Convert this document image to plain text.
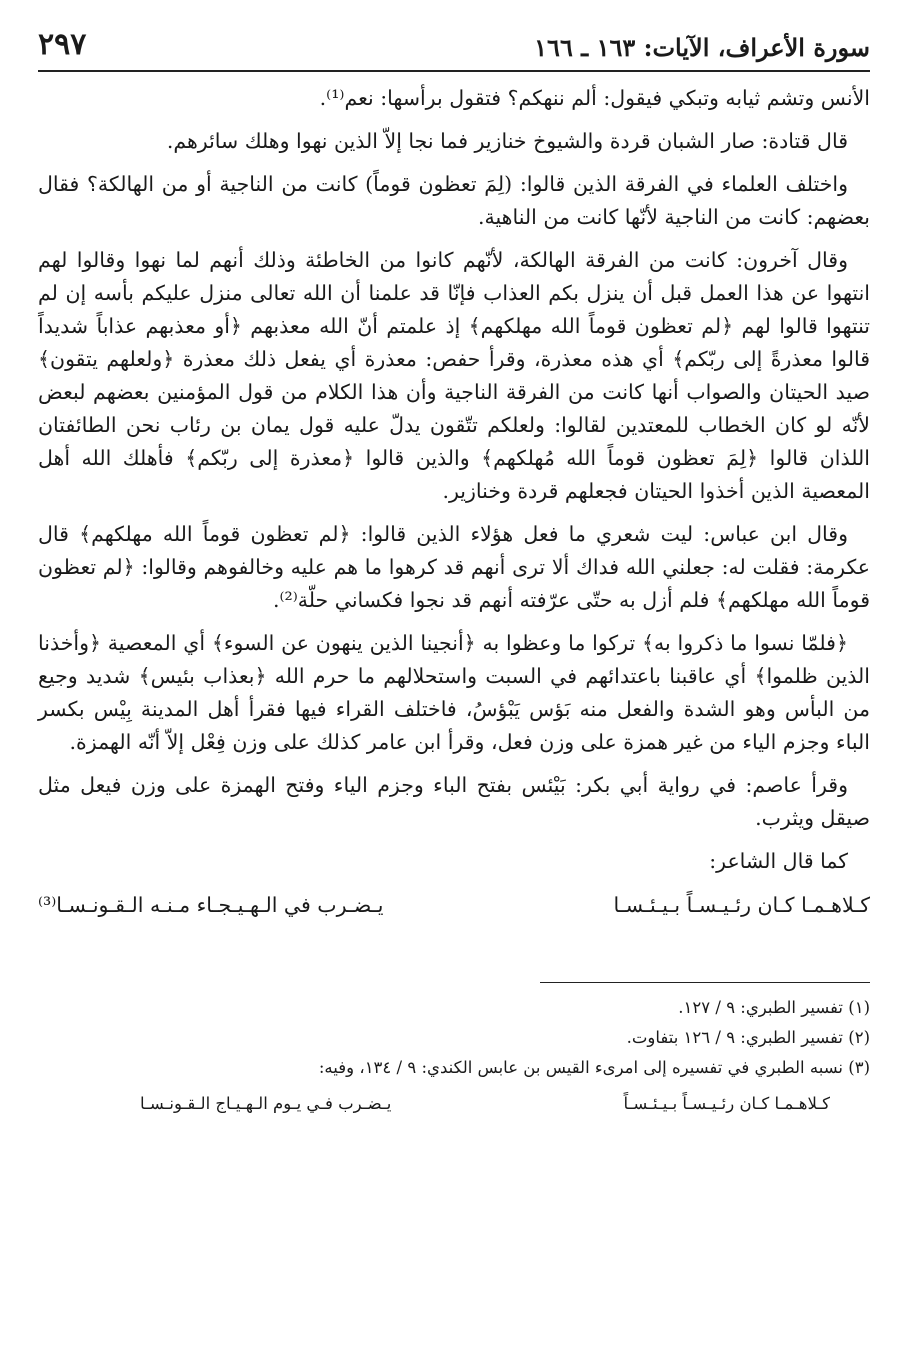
سورة الأعراف، الآيات: ١٦٣ ـ ١٦٦
٢٩٧

الأنس وتشم ثيابه وتبكي فيقول: ألم ننهكم؟ فتقول برأسها: نعم⁽¹⁾.

قال قتادة: صار الشبان قردة والشيوخ خنازير فما نجا إلاّ الذين نهوا وهلك سائرهم.

واختلف العلماء في الفرقة الذين قالوا: (لِمَ تعظون قوماً) كانت من الناجية أو من الهالكة؟ فقال بعضهم: كانت من الناجية لأنّها كانت من الناهية.

وقال آخرون: كانت من الفرقة الهالكة، لأنّهم كانوا من الخاطئة وذلك أنهم لما نهوا وقالوا لهم انتهوا عن هذا العمل قبل أن ينزل بكم العذاب فإنّا قد علمنا أن الله تعالى منزل عليكم بأسه إن لم تنتهوا قالوا لهم ﴿لم تعظون قوماً الله مهلكهم﴾ إذ علمتم أنّ الله معذبهم ﴿أو معذبهم عذاباً شديداً قالوا معذرةً إلى ربّكم﴾ أي هذه معذرة، وقرأ حفص: معذرة أي يفعل ذلك معذرة ﴿ولعلهم يتقون﴾ صيد الحيتان والصواب أنها كانت من الفرقة الناجية وأن هذا الكلام من قول المؤمنين بعضهم لبعض لأنّه لو كان الخطاب للمعتدين لقالوا: ولعلكم تتّقون يدلّ عليه قول يمان بن رئاب نحن الطائفتان اللذان قالوا ﴿لِمَ تعظون قوماً الله مُهلكهم﴾ والذين قالوا ﴿معذرة إلى ربّكم﴾ فأهلك الله أهل المعصية الذين أخذوا الحيتان فجعلهم قردة وخنازير.

وقال ابن عباس: ليت شعري ما فعل هؤلاء الذين قالوا: ﴿لم تعظون قوماً الله مهلكهم﴾ قال عكرمة: فقلت له: جعلني الله فداك ألا ترى أنهم قد كرهوا ما هم عليه وخالفوهم وقالوا: ﴿لم تعظون قوماً الله مهلكهم﴾ فلم أزل به حتّى عرّفته أنهم قد نجوا فكساني حلّة⁽²⁾.

﴿فلمّا نسوا ما ذكروا به﴾ تركوا ما وعظوا به ﴿أنجينا الذين ينهون عن السوء﴾ أي المعصية ﴿وأخذنا الذين ظلموا﴾ أي عاقبنا باعتدائهم في السبت واستحلالهم ما حرم الله ﴿بعذاب بئيس﴾ شديد وجيع من البأس وهو الشدة والفعل منه بَؤس يَبْؤسُ، فاختلف القراء فيها فقرأ أهل المدينة بِيْس بكسر الباء وجزم الياء من غير همزة على وزن فعل، وقرأ ابن عامر كذلك على وزن فِعْل إلاّ أنّه الهمزة.

وقرأ عاصم: في رواية أبي بكر: بَيْئس بفتح الباء وجزم الياء وفتح الهمزة على وزن فيعل مثل صيقل ويثرب.

كما قال الشاعر:

كـلاهـمـا كـان رئـيـسـاً بـيـئـسـا
يـضـرب في الـهـيـجـاء مـنـه الـقـونـسـا⁽³⁾
(١) تفسير الطبري: ٩ / ١٢٧.
(٢) تفسير الطبري: ٩ / ١٢٦ بتفاوت.
(٣) نسبه الطبري في تفسيره إلى امرىء القيس بن عابس الكندي: ٩ / ١٣٤، وفيه:
كـلاهـمـا كـان رئـيـسـاً بـيـئـسـاً
يـضـرب فـي يـوم الـهـيـاج الـقـونـسـا
